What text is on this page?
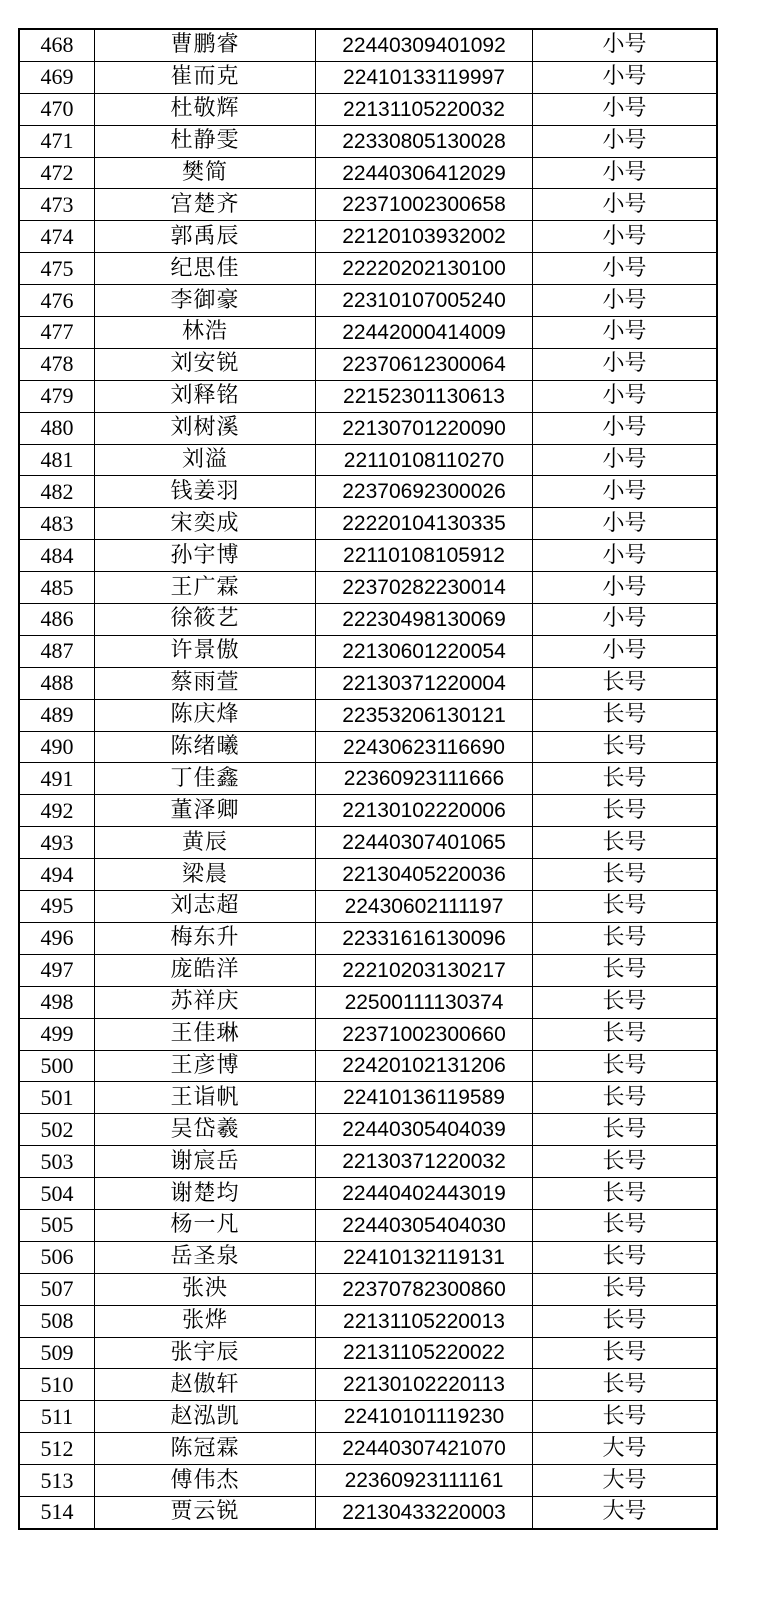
468	曹鹏睿	22440309401092	小号
469	崔而克	22410133119997	小号
470	杜敬辉	22131105220032	小号
471	杜静雯	22330805130028	小号
472	樊简	22440306412029	小号
473	宫楚齐	22371002300658	小号
474	郭禹辰	22120103932002	小号
475	纪思佳	22220202130100	小号
476	李御豪	22310107005240	小号
477	林浩	22442000414009	小号
478	刘安锐	22370612300064	小号
479	刘释铭	22152301130613	小号
480	刘树溪	22130701220090	小号
481	刘溢	22110108110270	小号
482	钱姜羽	22370692300026	小号
483	宋奕成	22220104130335	小号
484	孙宇博	22110108105912	小号
485	王广霖	22370282230014	小号
486	徐筱艺	22230498130069	小号
487	许景傲	22130601220054	小号
488	蔡雨萱	22130371220004	长号
489	陈庆烽	22353206130121	长号
490	陈绪曦	22430623116690	长号
491	丁佳鑫	22360923111666	长号
492	董泽卿	22130102220006	长号
493	黄辰	22440307401065	长号
494	梁晨	22130405220036	长号
495	刘志超	22430602111197	长号
496	梅东升	22331616130096	长号
497	庞皓洋	22210203130217	长号
498	苏祥庆	22500111130374	长号
499	王佳琳	22371002300660	长号
500	王彦博	22420102131206	长号
501	王诣帆	22410136119589	长号
502	吴岱羲	22440305404039	长号
503	谢宸岳	22130371220032	长号
504	谢楚均	22440402443019	长号
505	杨一凡	22440305404030	长号
506	岳圣泉	22410132119131	长号
507	张泱	22370782300860	长号
508	张烨	22131105220013	长号
509	张宇辰	22131105220022	长号
510	赵傲轩	22130102220113	长号
511	赵泓凯	22410101119230	长号
512	陈冠霖	22440307421070	大号
513	傅伟杰	22360923111161	大号
514	贾云锐	22130433220003	大号
